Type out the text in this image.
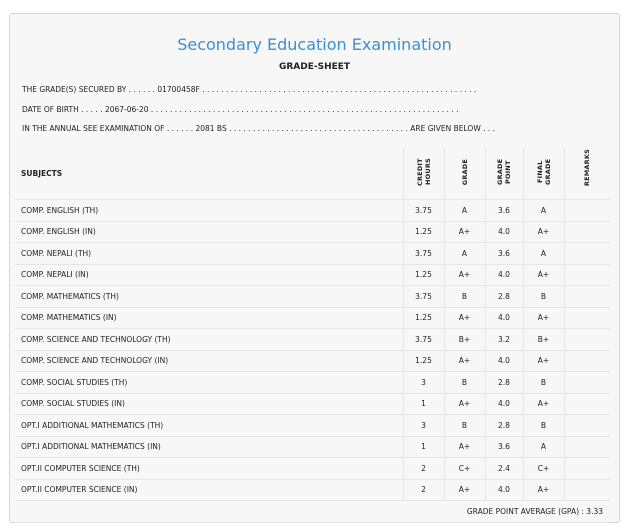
Secondary Education Examination
GRADE-SHEET
THE GRADE(S) SECURED BY . . . . . . 01700458F . . . . . . . . . . . . . . . . . . . . . . . . . . . . . . . . . . . . . . . . . . . . . . . . . . . . . . . . . .
DATE OF BIRTH . . . . . 2067-06-20 . . . . . . . . . . . . . . . . . . . . . . . . . . . . . . . . . . . . . . . . . . . . . . . . . . . . . . . . . . . . . . . . .
IN THE ANNUAL SEE EXAMINATION OF . . . . . . 2081 BS . . . . . . . . . . . . . . . . . . . . . . . . . . . . . . . . . . . . . . ARE GIVEN BELOW . . .
SUBJECTS	CREDIT HOURS	GRADE	GRADE POINT	FINAL GRADE	REMARKS
COMP. ENGLISH (TH)	3.75	A	3.6	A	
COMP. ENGLISH (IN)	1.25	A+	4.0	A+	
COMP. NEPALI (TH)	3.75	A	3.6	A	
COMP. NEPALI (IN)	1.25	A+	4.0	A+	
COMP. MATHEMATICS (TH)	3.75	B	2.8	B	
COMP. MATHEMATICS (IN)	1.25	A+	4.0	A+	
COMP. SCIENCE AND TECHNOLOGY (TH)	3.75	B+	3.2	B+	
COMP. SCIENCE AND TECHNOLOGY (IN)	1.25	A+	4.0	A+	
COMP. SOCIAL STUDIES (TH)	3	B	2.8	B	
COMP. SOCIAL STUDIES (IN)	1	A+	4.0	A+	
OPT.I ADDITIONAL MATHEMATICS (TH)	3	B	2.8	B	
OPT.I ADDITIONAL MATHEMATICS (IN)	1	A+	3.6	A	
OPT.II COMPUTER SCIENCE (TH)	2	C+	2.4	C+	
OPT.II COMPUTER SCIENCE (IN)	2	A+	4.0	A+	
GRADE POINT AVERAGE (GPA) : 3.33					
